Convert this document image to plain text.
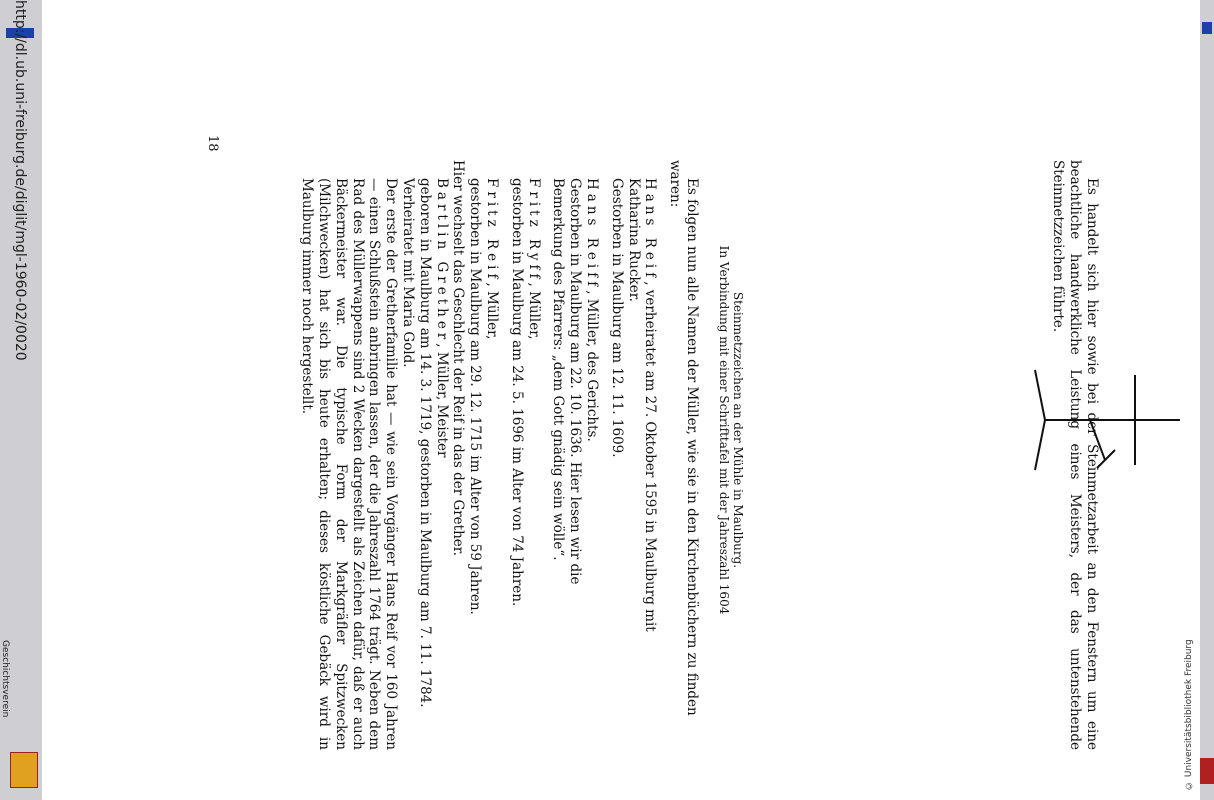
http://dl.ub.uni-freiburg.de/diglit/mgl-1960-02/0020
Geschichtsverein	Es handelt sich hier sowie bei der Steinmetzarbeit an den Fenstern um eine beachtliche handwerkliche Leistung eines Meisters, der das untenstehende Steinmetzzeichen führte.

Steinmetzzeichen an der Mühle in Maulburg.
In Verbindung mit einer Schrifttafel mit der Jahreszahl 1604

Es folgen nun alle Namen der Müller, wie sie in den Kirchenbüchern zu finden waren:

Hans Reif, verheiratet am 27. Oktober 1595 in Maulburg mit
Katharina Rucker.
Gestorben in Maulburg am 12. 11. 1609.
Hans Reiff, Müller, des Gerichts.
Gestorben in Maulburg am 22. 10. 1636. Hier lesen wir die
Bemerkung des Pfarrers: „dem Gott gnädig sein wölle“.
Fritz Ryff, Müller,
gestorben in Maulburg am 24. 5. 1696 im Alter von 74 Jahren.
Fritz Reif, Müller,
gestorben in Maulburg am 29. 12. 1715 im Alter von 59 Jahren.

Hier wechselt das Geschlecht der Reif in das der Grether.

Bartlin Grether, Müller, Meister
geboren in Maulburg am 14. 3. 1719, gestorben in Maulburg am 7. 11. 1784. Verheiratet mit Maria Gold.

Der erste der Gretherfamilie hat — wie sein Vorgänger Hans Reif vor 160 Jahren — einen Schlußstein anbringen lassen, der die Jahreszahl 1764 trägt. Neben dem Rad des Müllerwappens sind 2 Wecken dargestellt als Zeichen dafür, daß er auch Bäckermeister war. Die typische Form der Markgräfler Spitzwecken (Milchwecken) hat sich bis heute erhalten; dieses köstliche Gebäck wird in Maulburg immer noch hergestellt.

18
© Universitätsbibliothek Freiburg
